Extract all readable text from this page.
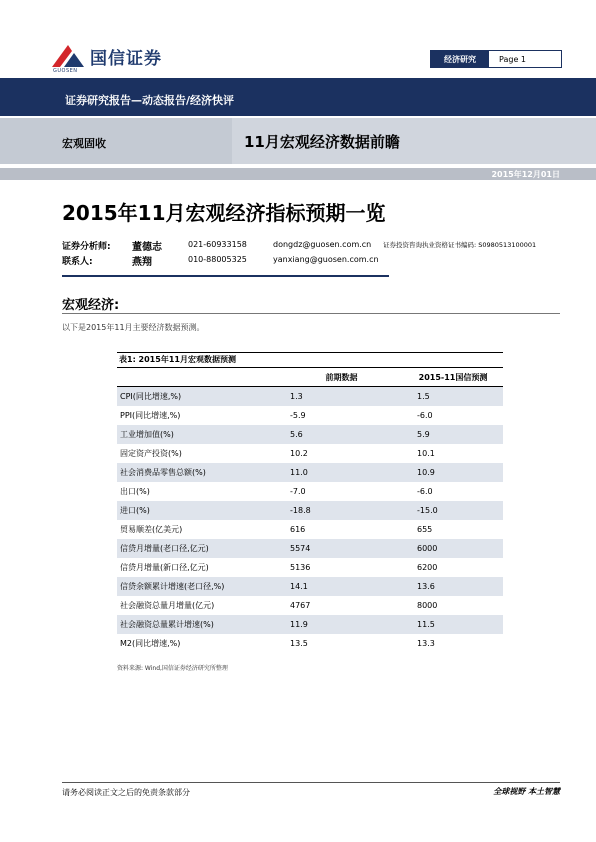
国信证券
GUOSEN
经济研究	Page 1
证券研究报告—动态报告/经济快评
宏观固收	11月宏观经济数据前瞻
2015年12月01日
2015年11月宏观经济指标预期一览
证券分析师: 董德志	021-60933158	dongdz@guosen.com.cn 证券投资咨询执业资格证书编码: S0980513100001
联系人:	燕翔	010-88005325	yanxiang@guosen.com.cn
宏观经济:
以下是2015年11月主要经济数据预测。
表1: 2015年11月宏观数据预测
	前期数据	2015-11国信预测
CPI(同比增速,%)	1.3	1.5
PPI(同比增速,%)	-5.9	-6.0
工业增加值(%)	5.6	5.9
固定资产投资(%)	10.2	10.1
社会消费品零售总额(%)	11.0	10.9
出口(%)	-7.0	-6.0
进口(%)	-18.8	-15.0
贸易顺差(亿美元)	616	655
信贷月增量(老口径,亿元)	5574	6000
信贷月增量(新口径,亿元)	5136	6200
信贷余额累计增速(老口径,%)	14.1	13.6
社会融资总量月增量(亿元)	4767	8000
社会融资总量累计增速(%)	11.9	11.5
M2(同比增速,%)	13.5	13.3
资料来源: Wind,国信证券经济研究所整理
请务必阅读正文之后的免责条款部分	全球视野 本土智慧
